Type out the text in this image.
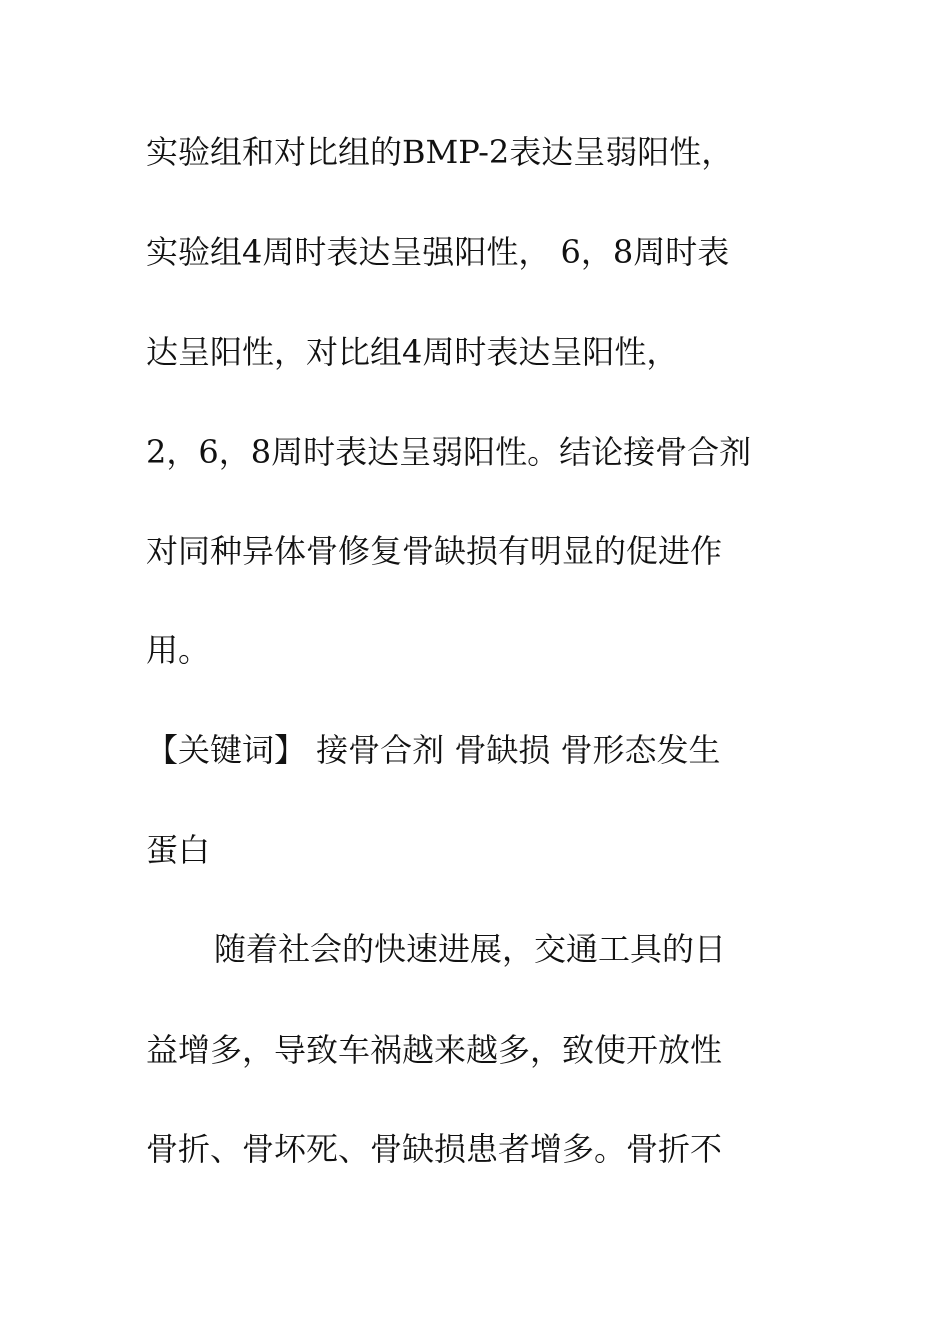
实验组和对比组的BMP-2表达呈弱阳性，
实验组4周时表达呈强阳性， 6，8周时表
达呈阳性，对比组4周时表达呈阳性，
2，6，8周时表达呈弱阳性。结论接骨合剂
对同种异体骨修复骨缺损有明显的促进作
用。
【关键词】 接骨合剂 骨缺损 骨形态发生
蛋白
随着社会的快速进展，交通工具的日
益增多，导致车祸越来越多，致使开放性
骨折、骨坏死、骨缺损患者增多。骨折不
